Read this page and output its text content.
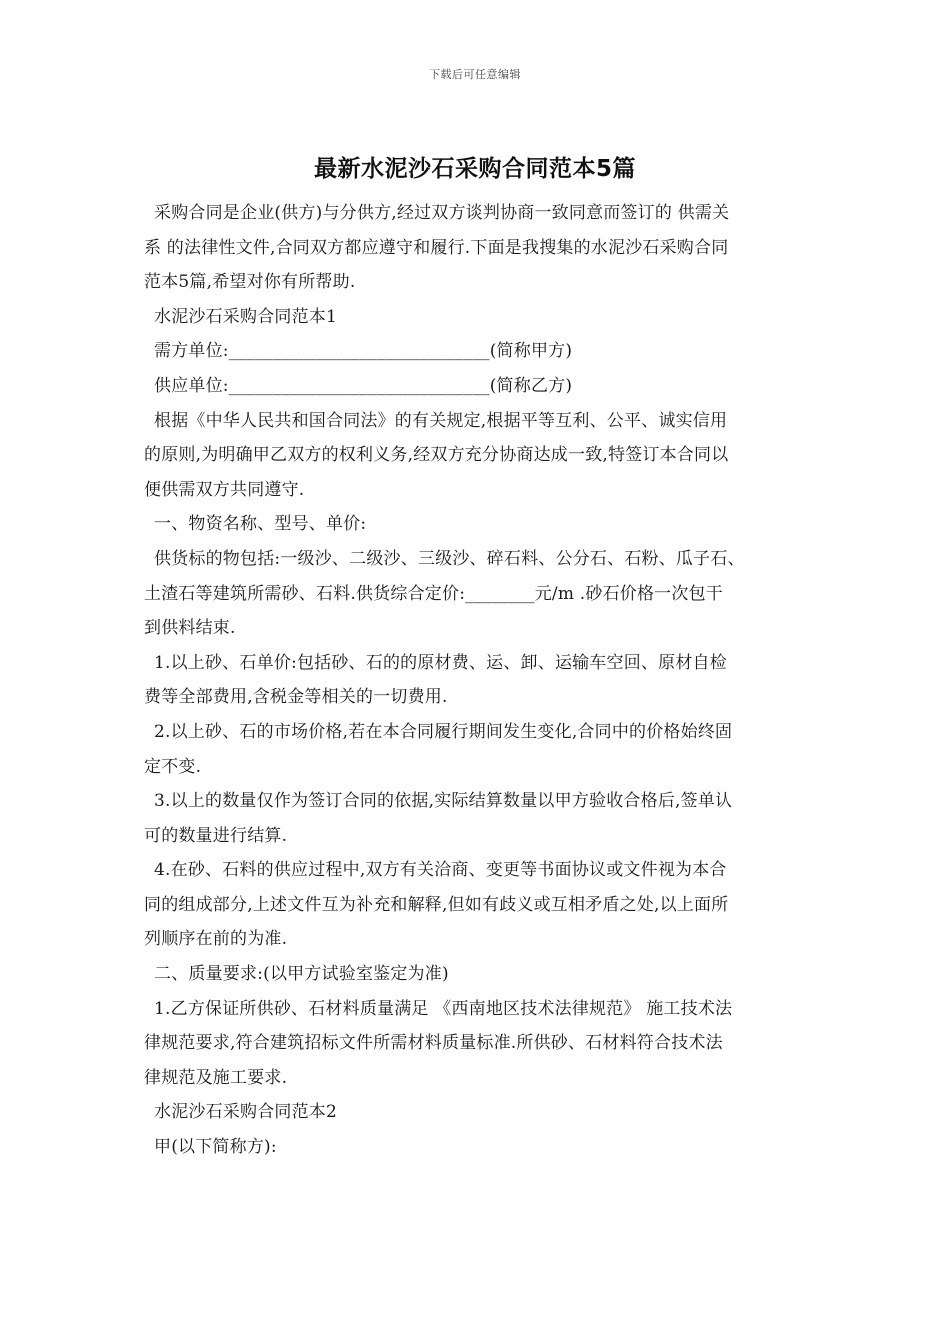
下载后可任意编辑
最新水泥沙石采购合同范本5篇
采购合同是企业(供方)与分供方,经过双方谈判协商一致同意而签订的 供需关
系 的法律性文件,合同双方都应遵守和履行.下面是我搜集的水泥沙石采购合同
范本5篇,希望对你有所帮助.
水泥沙石采购合同范本1
需方单位:______________________________(简称甲方)
供应单位:______________________________(简称乙方)
根据《中华人民共和国合同法》的有关规定,根据平等互利、公平、诚实信用
的原则,为明确甲乙双方的权利义务,经双方充分协商达成一致,特签订本合同以
便供需双方共同遵守.
一、物资名称、型号、单价:
供货标的物包括:一级沙、二级沙、三级沙、碎石料、公分石、石粉、瓜子石、
土渣石等建筑所需砂、石料.供货综合定价:________元/m .砂石价格一次包干
到供料结束.
1.以上砂、石单价:包括砂、石的的原材费、运、卸、运输车空回、原材自检
费等全部费用,含税金等相关的一切费用.
2.以上砂、石的市场价格,若在本合同履行期间发生变化,合同中的价格始终固
定不变.
3.以上的数量仅作为签订合同的依据,实际结算数量以甲方验收合格后,签单认
可的数量进行结算.
4.在砂、石料的供应过程中,双方有关洽商、变更等书面协议或文件视为本合
同的组成部分,上述文件互为补充和解释,但如有歧义或互相矛盾之处,以上面所
列顺序在前的为准.
二、质量要求:(以甲方试验室鉴定为准)
1.乙方保证所供砂、石材料质量满足 《西南地区技术法律规范》 施工技术法
律规范要求,符合建筑招标文件所需材料质量标准.所供砂、石材料符合技术法
律规范及施工要求.
水泥沙石采购合同范本2
甲(以下简称方):
